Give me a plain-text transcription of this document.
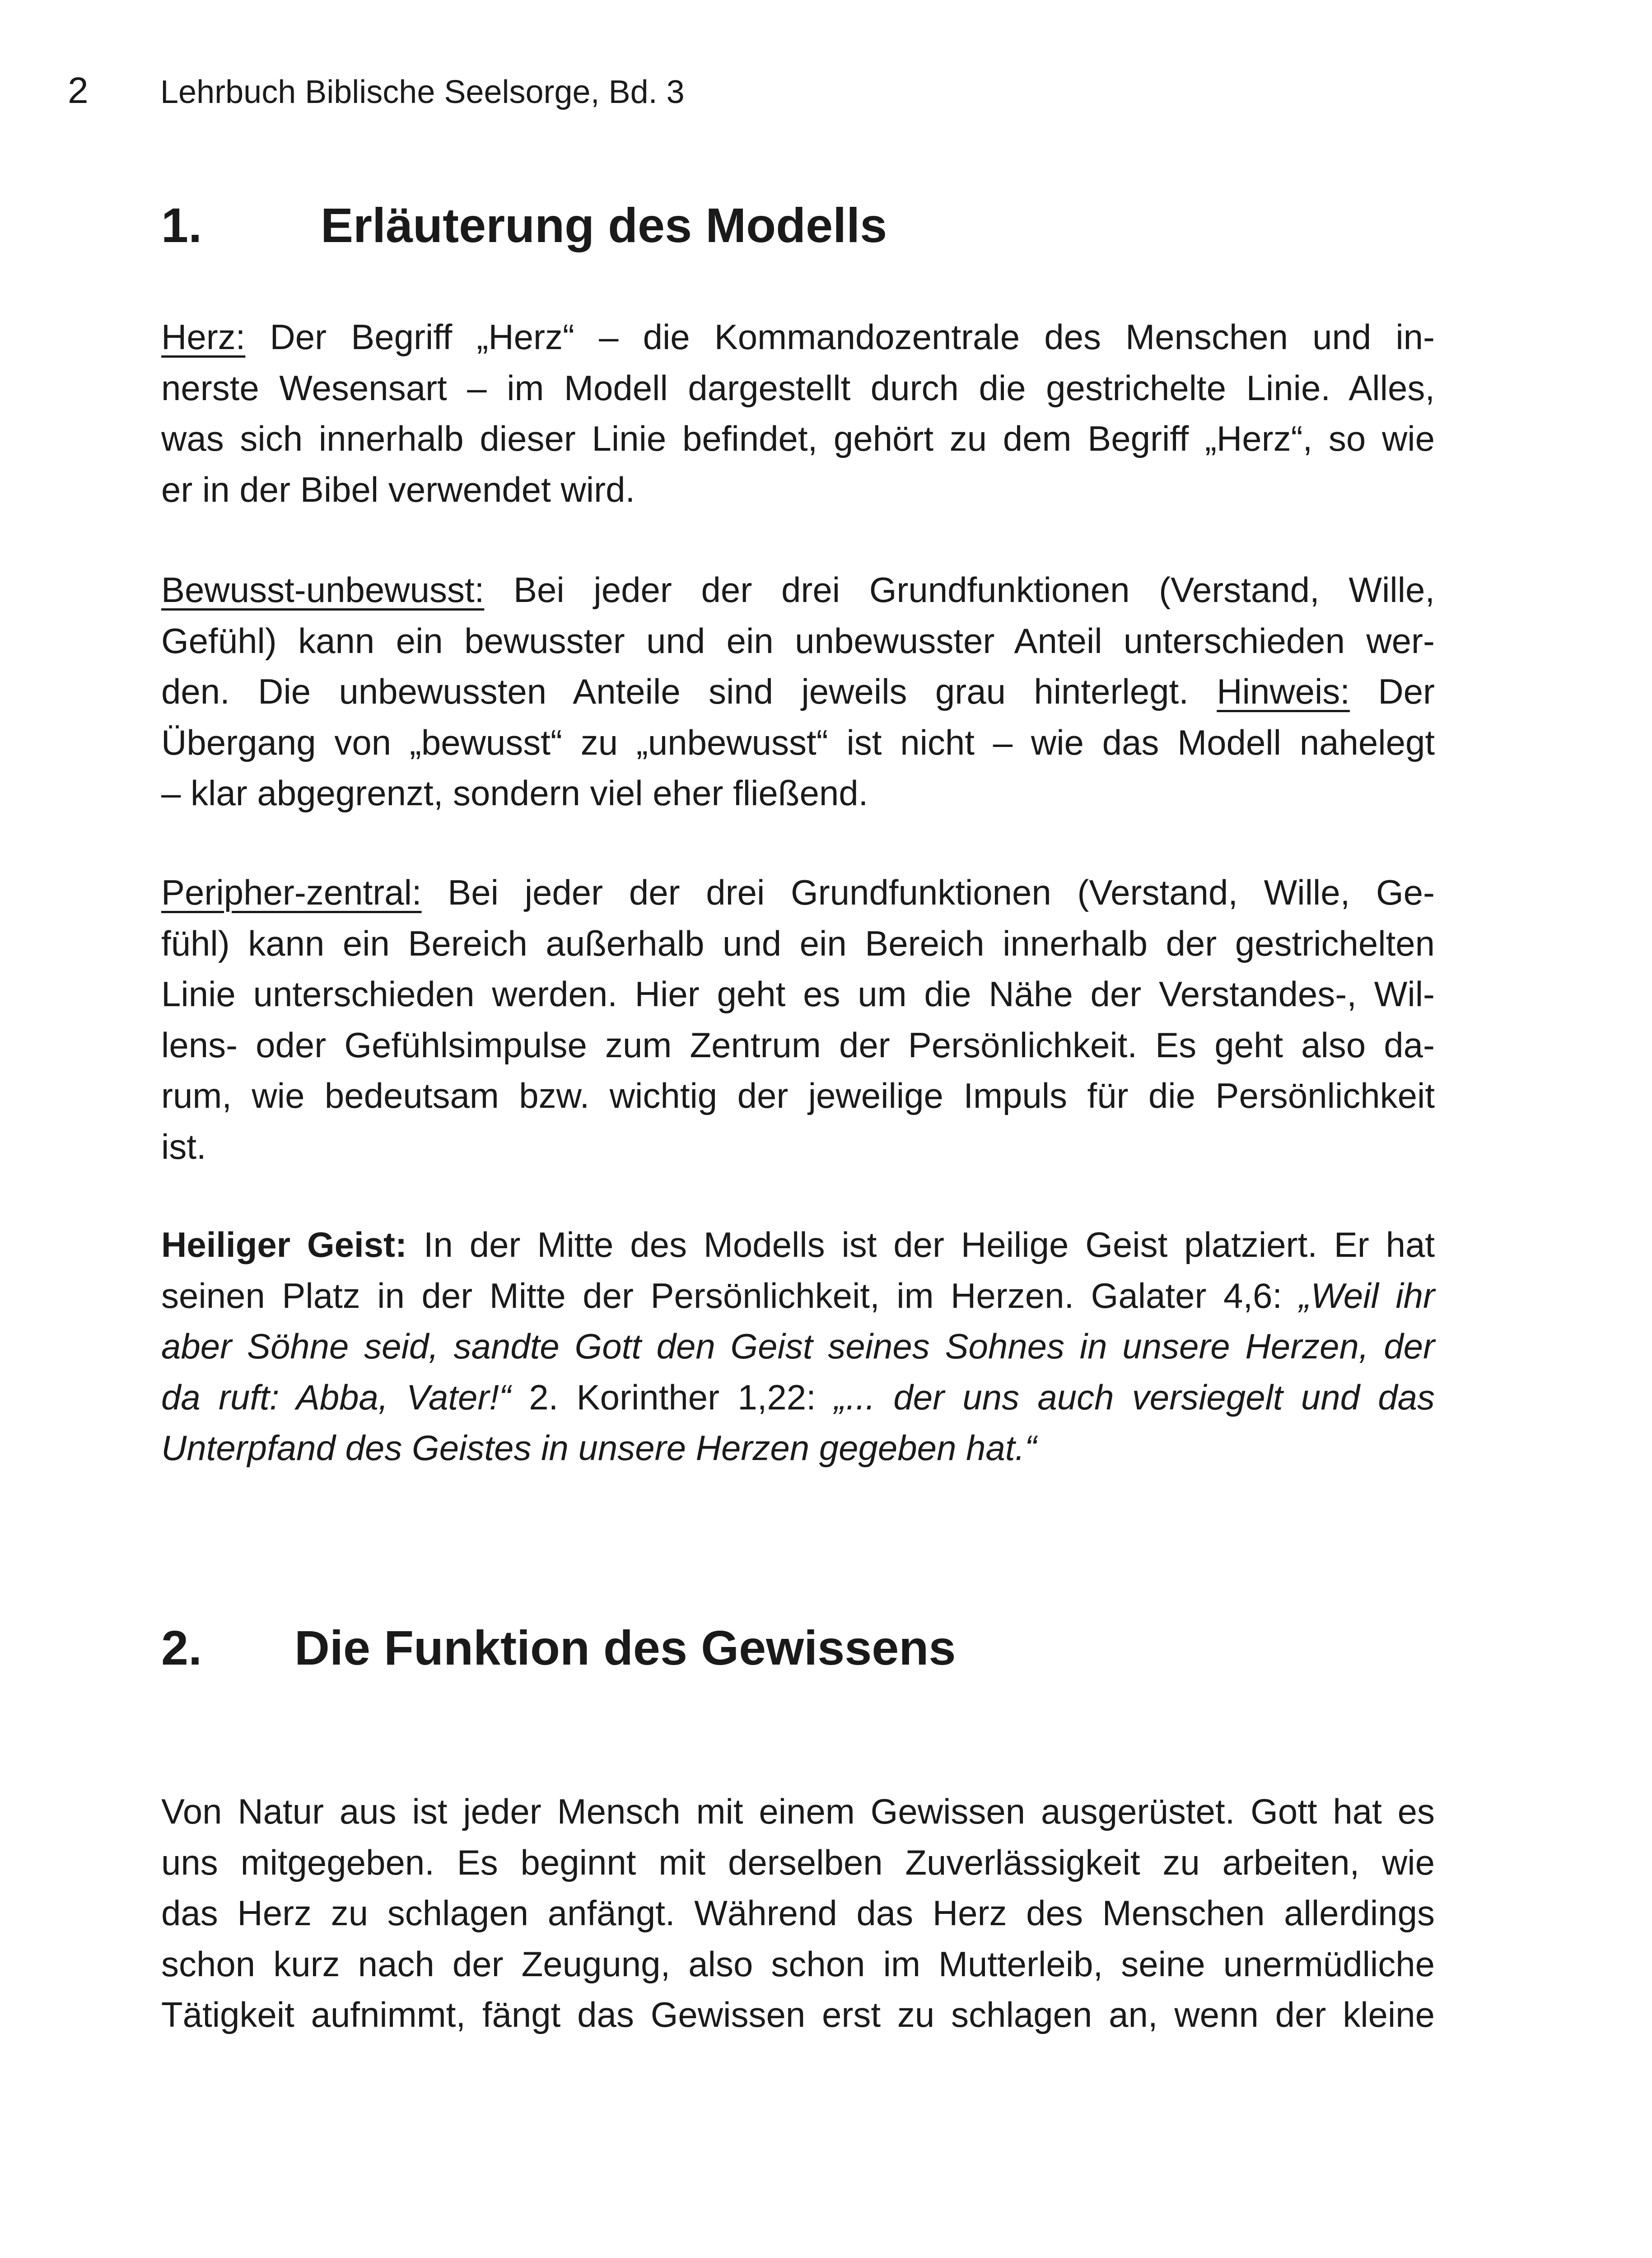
2 Lehrbuch Biblische Seelsorge, Bd. 3
1. Erläuterung des Modells
Herz: Der Begriff „Herz“ – die Kommandozentrale des Menschen und in-
nerste Wesensart – im Modell dargestellt durch die gestrichelte Linie. Alles,
was sich innerhalb dieser Linie befindet, gehört zu dem Begriff „Herz“, so wie
er in der Bibel verwendet wird.
Bewusst-unbewusst: Bei jeder der drei Grundfunktionen (Verstand, Wille,
Gefühl) kann ein bewusster und ein unbewusster Anteil unterschieden wer-
den. Die unbewussten Anteile sind jeweils grau hinterlegt. Hinweis: Der
Übergang von „bewusst“ zu „unbewusst“ ist nicht – wie das Modell nahelegt
– klar abgegrenzt, sondern viel eher fließend.
Peripher-zentral: Bei jeder der drei Grundfunktionen (Verstand, Wille, Ge-
fühl) kann ein Bereich außerhalb und ein Bereich innerhalb der gestrichelten
Linie unterschieden werden. Hier geht es um die Nähe der Verstandes-, Wil-
lens- oder Gefühlsimpulse zum Zentrum der Persönlichkeit. Es geht also da-
rum, wie bedeutsam bzw. wichtig der jeweilige Impuls für die Persönlichkeit
ist.
Heiliger Geist: In der Mitte des Modells ist der Heilige Geist platziert. Er hat
seinen Platz in der Mitte der Persönlichkeit, im Herzen. Galater 4,6: „Weil ihr
aber Söhne seid, sandte Gott den Geist seines Sohnes in unsere Herzen, der
da ruft: Abba, Vater!“ 2. Korinther 1,22: „... der uns auch versiegelt und das
Unterpfand des Geistes in unsere Herzen gegeben hat.“
2. Die Funktion des Gewissens
Von Natur aus ist jeder Mensch mit einem Gewissen ausgerüstet. Gott hat es
uns mitgegeben. Es beginnt mit derselben Zuverlässigkeit zu arbeiten, wie
das Herz zu schlagen anfängt. Während das Herz des Menschen allerdings
schon kurz nach der Zeugung, also schon im Mutterleib, seine unermüdliche
Tätigkeit aufnimmt, fängt das Gewissen erst zu schlagen an, wenn der kleine
